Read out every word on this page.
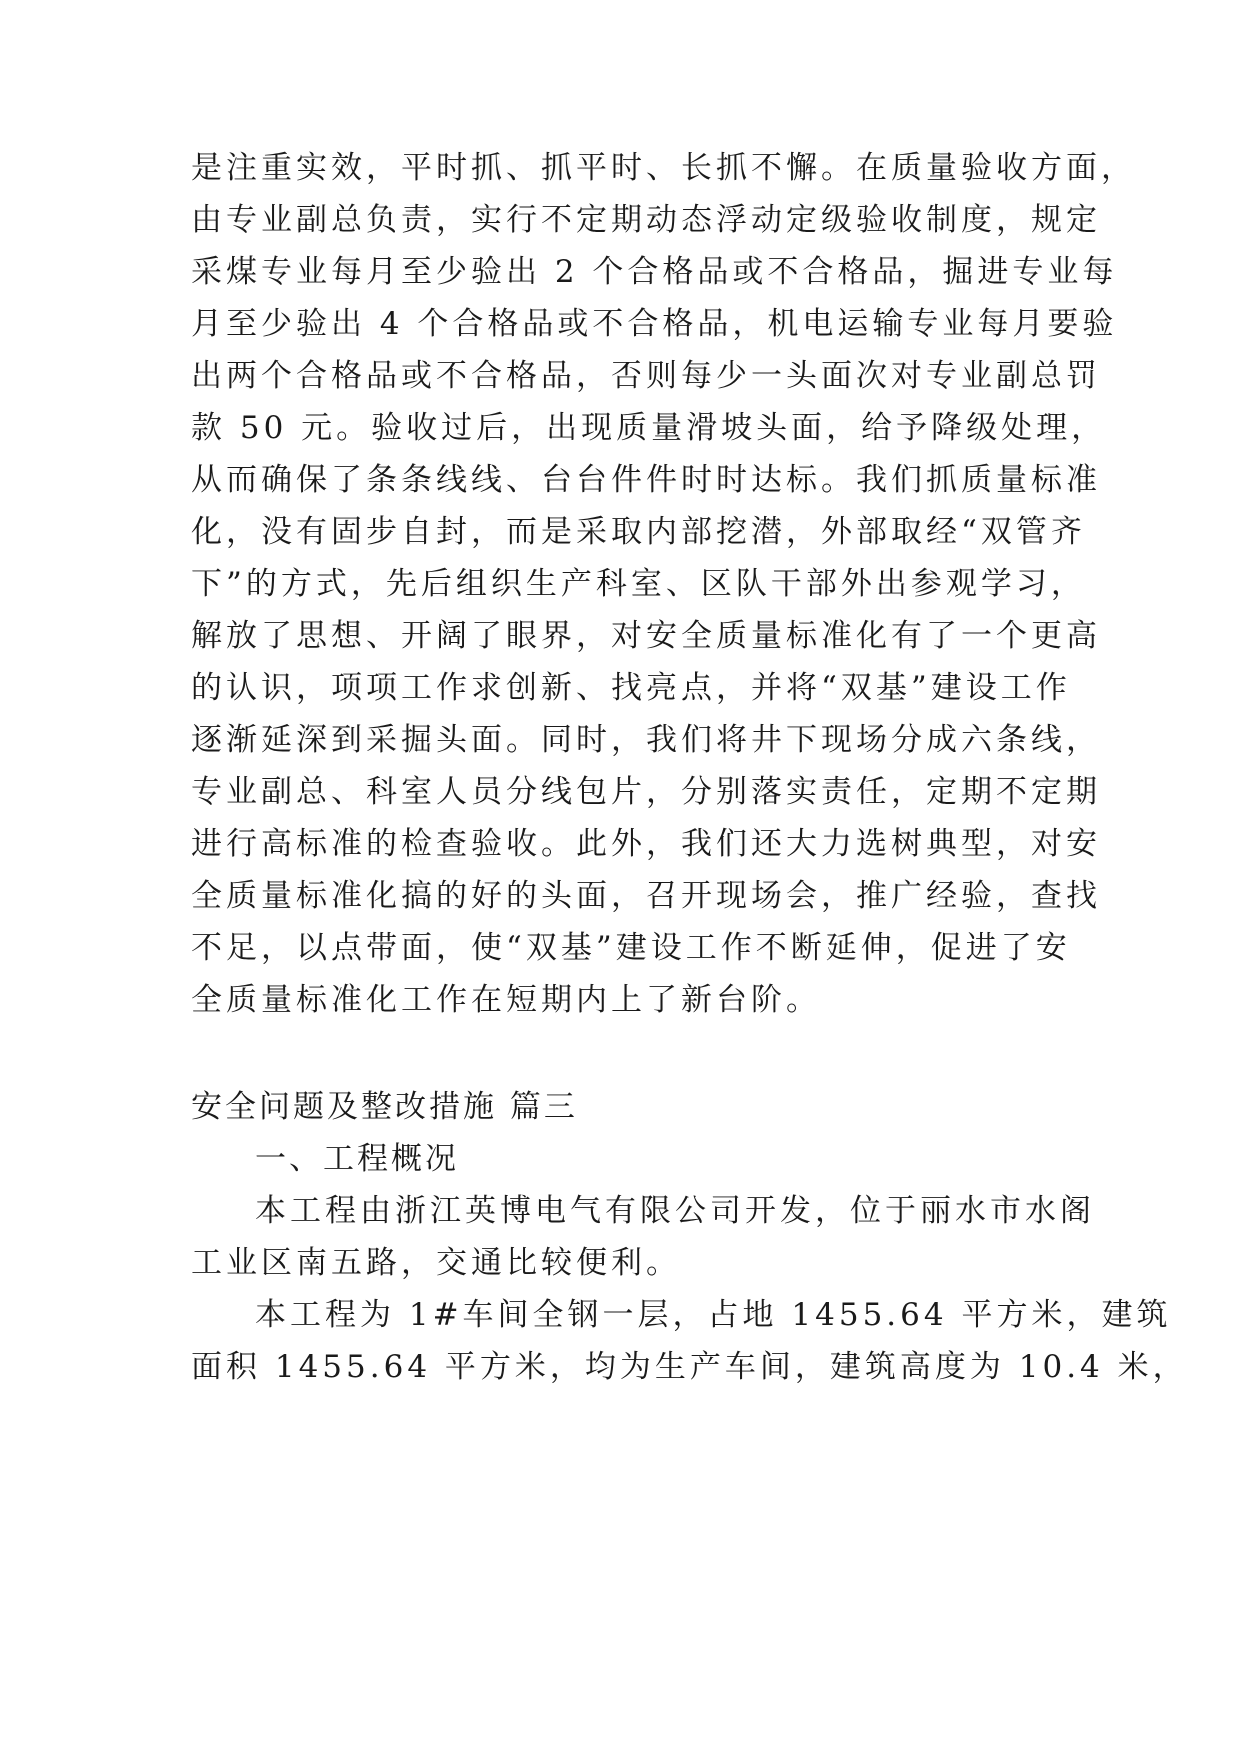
是注重实效，平时抓、抓平时、长抓不懈。在质量验收方面，
由专业副总负责，实行不定期动态浮动定级验收制度，规定
采煤专业每月至少验出 2 个合格品或不合格品，掘进专业每
月至少验出 4 个合格品或不合格品，机电运输专业每月要验
出两个合格品或不合格品，否则每少一头面次对专业副总罚
款 50 元。验收过后，出现质量滑坡头面，给予降级处理，
从而确保了条条线线、台台件件时时达标。我们抓质量标准
化，没有固步自封，而是采取内部挖潜，外部取经“双管齐
下”的方式，先后组织生产科室、区队干部外出参观学习，
解放了思想、开阔了眼界，对安全质量标准化有了一个更高
的认识，项项工作求创新、找亮点，并将“双基”建设工作
逐渐延深到采掘头面。同时，我们将井下现场分成六条线，
专业副总、科室人员分线包片，分别落实责任，定期不定期
进行高标准的检查验收。此外，我们还大力选树典型，对安
全质量标准化搞的好的头面，召开现场会，推广经验，查找
不足，以点带面，使“双基”建设工作不断延伸，促进了安
全质量标准化工作在短期内上了新台阶。
安全问题及整改措施 篇三
一、工程概况
本工程由浙江英博电气有限公司开发，位于丽水市水阁
工业区南五路，交通比较便利。
本工程为 1#车间全钢一层，占地 1455.64 平方米，建筑
面积 1455.64 平方米，均为生产车间，建筑高度为 10.4 米，
